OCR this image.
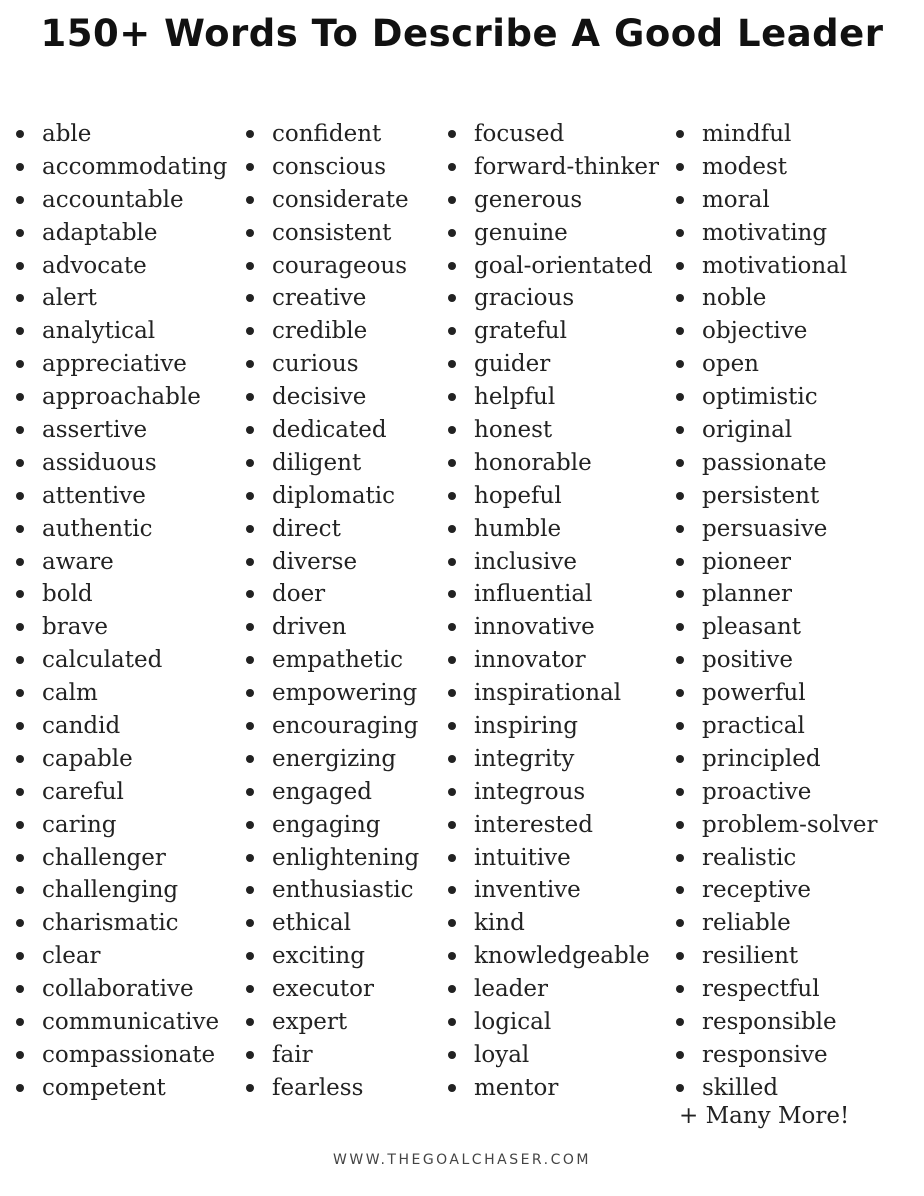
150+ Words To Describe A Good Leader
able
accommodating
accountable
adaptable
advocate
alert
analytical
appreciative
approachable
assertive
assiduous
attentive
authentic
aware
bold
brave
calculated
calm
candid
capable
careful
caring
challenger
challenging
charismatic
clear
collaborative
communicative
compassionate
competent
confident
conscious
considerate
consistent
courageous
creative
credible
curious
decisive
dedicated
diligent
diplomatic
direct
diverse
doer
driven
empathetic
empowering
encouraging
energizing
engaged
engaging
enlightening
enthusiastic
ethical
exciting
executor
expert
fair
fearless
focused
forward-thinker
generous
genuine
goal-orientated
gracious
grateful
guider
helpful
honest
honorable
hopeful
humble
inclusive
influential
innovative
innovator
inspirational
inspiring
integrity
integrous
interested
intuitive
inventive
kind
knowledgeable
leader
logical
loyal
mentor
mindful
modest
moral
motivating
motivational
noble
objective
open
optimistic
original
passionate
persistent
persuasive
pioneer
planner
pleasant
positive
powerful
practical
principled
proactive
problem-solver
realistic
receptive
reliable
resilient
respectful
responsible
responsive
skilled
+ Many More!
WWW.THEGOALCHASER.COM
